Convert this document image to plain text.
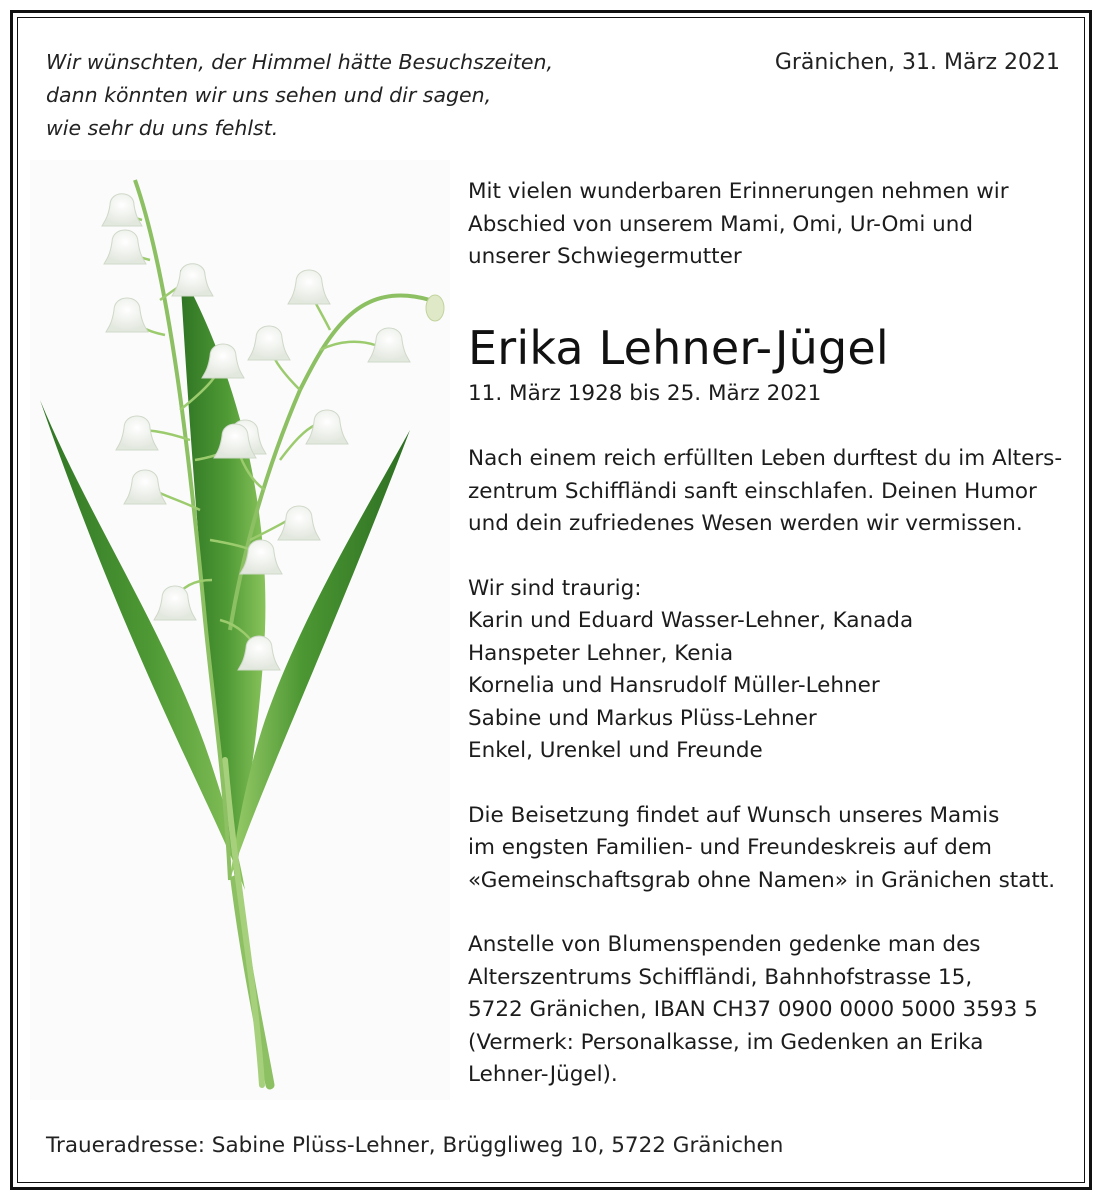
Wir wünschten, der Himmel hätte Besuchszeiten,
dann könnten wir uns sehen und dir sagen,
wie sehr du uns fehlst.
Gränichen, 31. März 2021
Mit vielen wunderbaren Erinnerungen nehmen wir
Abschied von unserem Mami, Omi, Ur-Omi und
unserer Schwiegermutter
Erika Lehner-Jügel
11. März 1928 bis 25. März 2021
Nach einem reich erfüllten Leben durftest du im Alters-
zentrum Schiffländi sanft einschlafen. Deinen Humor
und dein zufriedenes Wesen werden wir vermissen.
Wir sind traurig:
Karin und Eduard Wasser-Lehner, Kanada
Hanspeter Lehner, Kenia
Kornelia und Hansrudolf Müller-Lehner
Sabine und Markus Plüss-Lehner
Enkel, Urenkel und Freunde
Die Beisetzung findet auf Wunsch unseres Mamis
im engsten Familien- und Freundeskreis auf dem
«Gemeinschaftsgrab ohne Namen» in Gränichen statt.
Anstelle von Blumenspenden gedenke man des
Alterszentrums Schiffländi, Bahnhofstrasse 15,
5722 Gränichen, IBAN CH37 0900 0000 5000 3593 5
(Vermerk: Personalkasse, im Gedenken an Erika
Lehner-Jügel).
Traueradresse: Sabine Plüss-Lehner, Brüggliweg 10, 5722 Gränichen
